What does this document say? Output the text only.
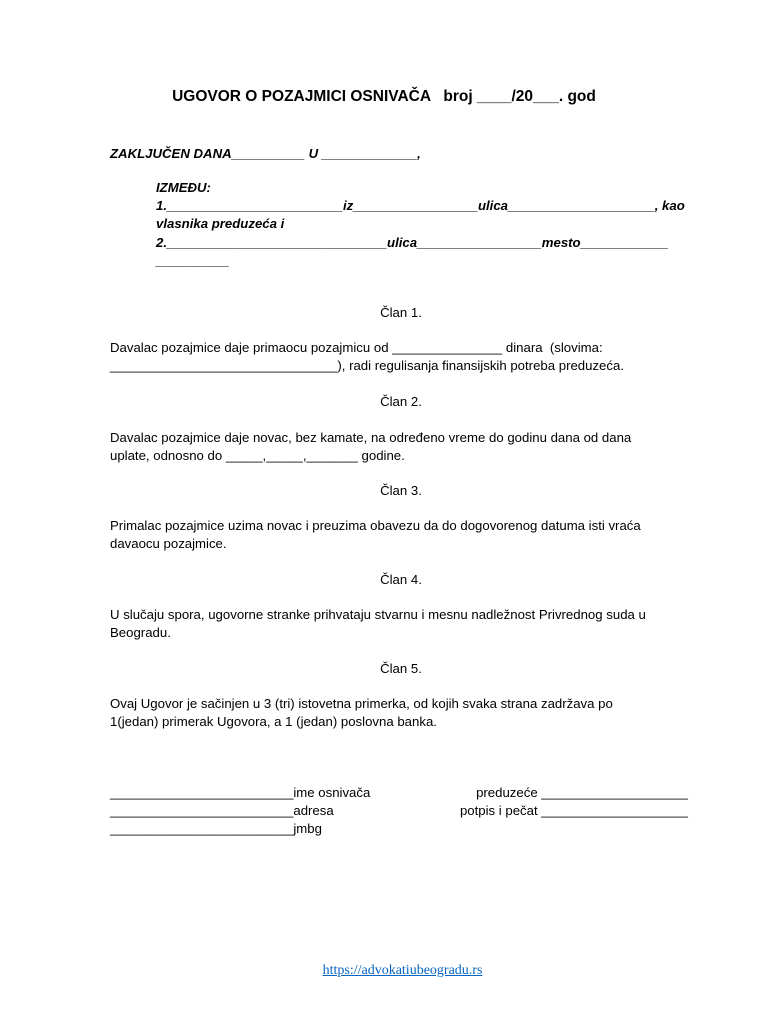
UGOVOR O POZAJMICI OSNIVAČA   broj ____/20___. god
ZAKLJUČEN DANA__________ U _____________,
IZMEĐU:
1.________________________iz_________________ulica____________________, kao
vlasnika preduzeća i
2.______________________________ulica_________________mesto____________
__________
Član 1.
Davalac pozajmice daje primaocu pozajmicu od _______________ dinara  (slovima:
_______________________________), radi regulisanja finansijskih potreba preduzeća.
Član 2.
Davalac pozajmice daje novac, bez kamate, na određeno vreme do godinu dana od dana
uplate, odnosno do _____,_____,_______ godine.
Član 3.
Primalac pozajmice uzima novac i preuzima obavezu da do dogovorenog datuma isti vraća
davaocu pozajmice.
Član 4.
U slučaju spora, ugovorne stranke prihvataju stvarnu i mesnu nadležnost Privrednog suda u
Beogradu.
Član 5.
Ovaj Ugovor je sačinjen u 3 (tri) istovetna primerka, od kojih svaka strana zadržava po
1(jedan) primerak Ugovora, a 1 (jedan) poslovna banka.
_________________________ime osnivača
_________________________adresa
_________________________jmbg
preduzeće ____________________
potpis i pečat ____________________
https://advokatiubeogradu.rs
